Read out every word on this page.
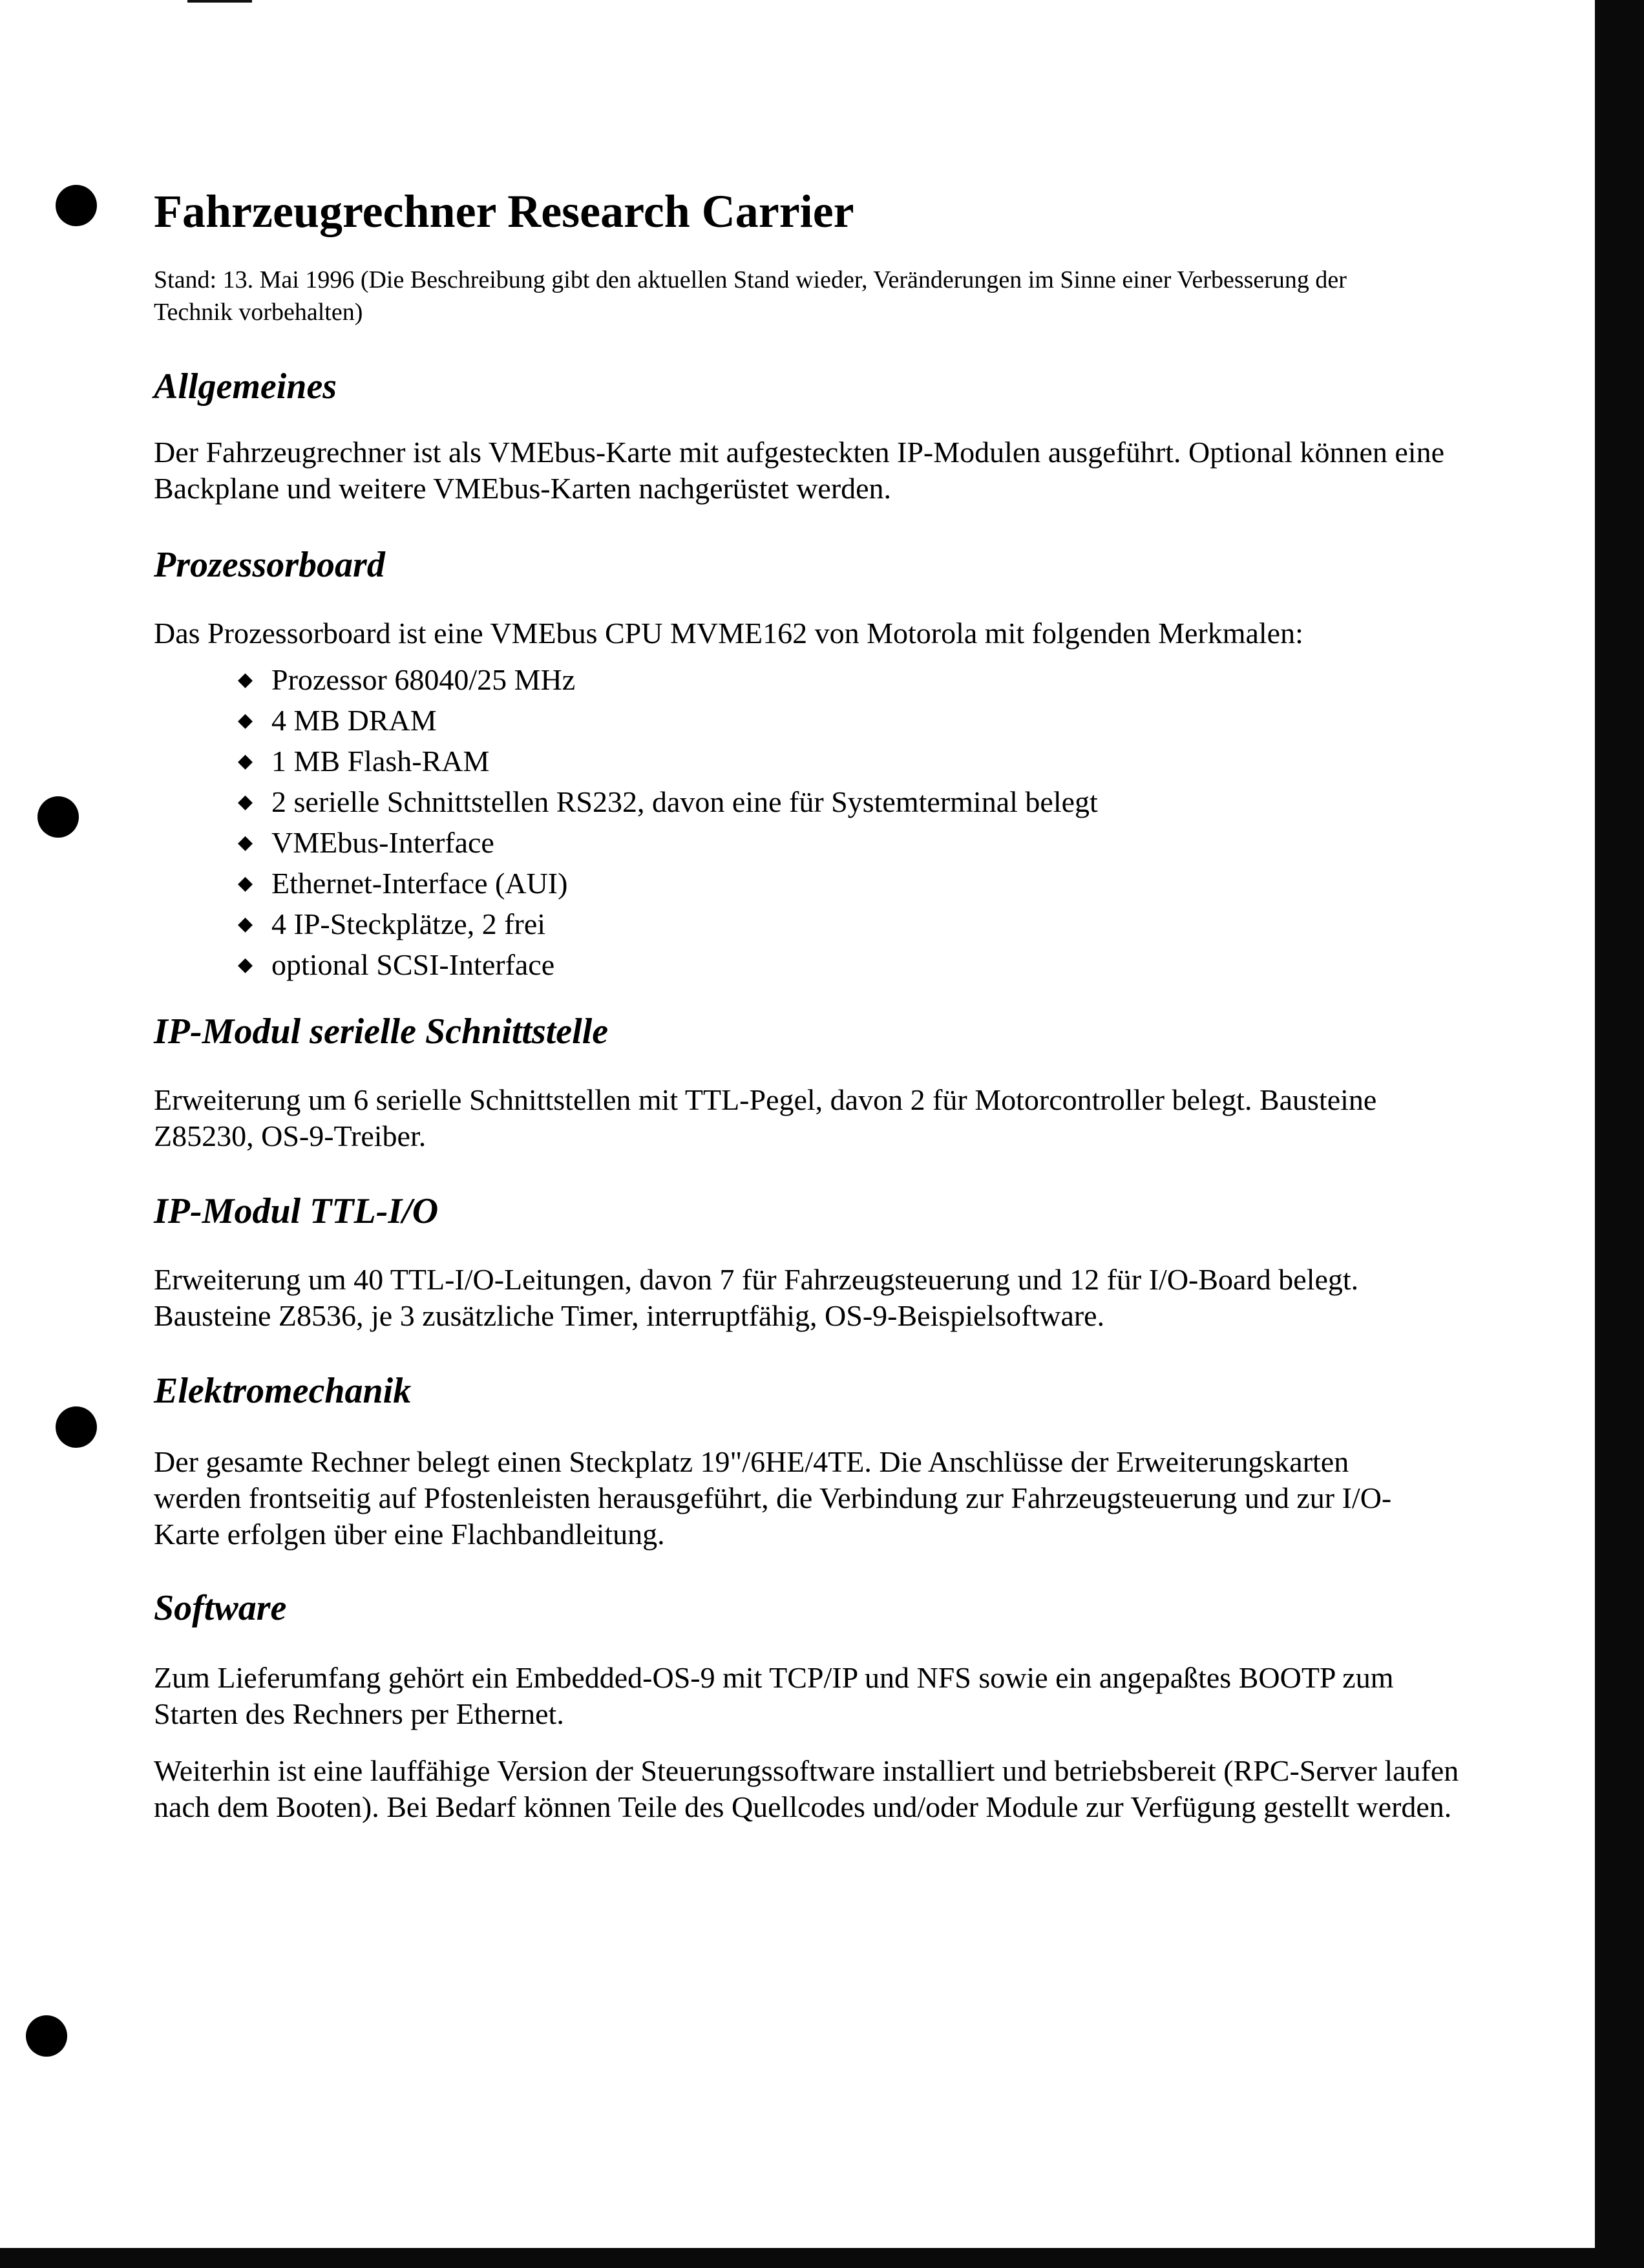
Fahrzeugrechner Research Carrier

Stand: 13. Mai 1996 (Die Beschreibung gibt den aktuellen Stand wieder, Veränderungen im Sinne einer Verbesserung der Technik vorbehalten)

Allgemeines

Der Fahrzeugrechner ist als VMEbus-Karte mit aufgesteckten IP-Modulen ausgeführt. Optional können eine Backplane und weitere VMEbus-Karten nachgerüstet werden.

Prozessorboard

Das Prozessorboard ist eine VMEbus CPU MVME162 von Motorola mit folgenden Merkmalen:

◆ Prozessor 68040/25 MHz
◆ 4 MB DRAM
◆ 1 MB Flash-RAM
◆ 2 serielle Schnittstellen RS232, davon eine für Systemterminal belegt
◆ VMEbus-Interface
◆ Ethernet-Interface (AUI)
◆ 4 IP-Steckplätze, 2 frei
◆ optional SCSI-Interface
IP-Modul serielle Schnittstelle

Erweiterung um 6 serielle Schnittstellen mit TTL-Pegel, davon 2 für Motorcontroller belegt. Bausteine Z85230, OS-9-Treiber.

IP-Modul TTL-I/O

Erweiterung um 40 TTL-I/O-Leitungen, davon 7 für Fahrzeugsteuerung und 12 für I/O-Board belegt. Bausteine Z8536, je 3 zusätzliche Timer, interruptfähig, OS-9-Beispielsoftware.

Elektromechanik

Der gesamte Rechner belegt einen Steckplatz 19"/6HE/4TE. Die Anschlüsse der Erweiterungskarten werden frontseitig auf Pfostenleisten herausgeführt, die Verbindung zur Fahrzeugsteuerung und zur I/O-Karte erfolgen über eine Flachbandleitung.

Software

Zum Lieferumfang gehört ein Embedded-OS-9 mit TCP/IP und NFS sowie ein angepaßtes BOOTP zum Starten des Rechners per Ethernet.

Weiterhin ist eine lauffähige Version der Steuerungssoftware installiert und betriebsbereit (RPC-Server laufen nach dem Booten). Bei Bedarf können Teile des Quellcodes und/oder Module zur Verfügung gestellt werden.
